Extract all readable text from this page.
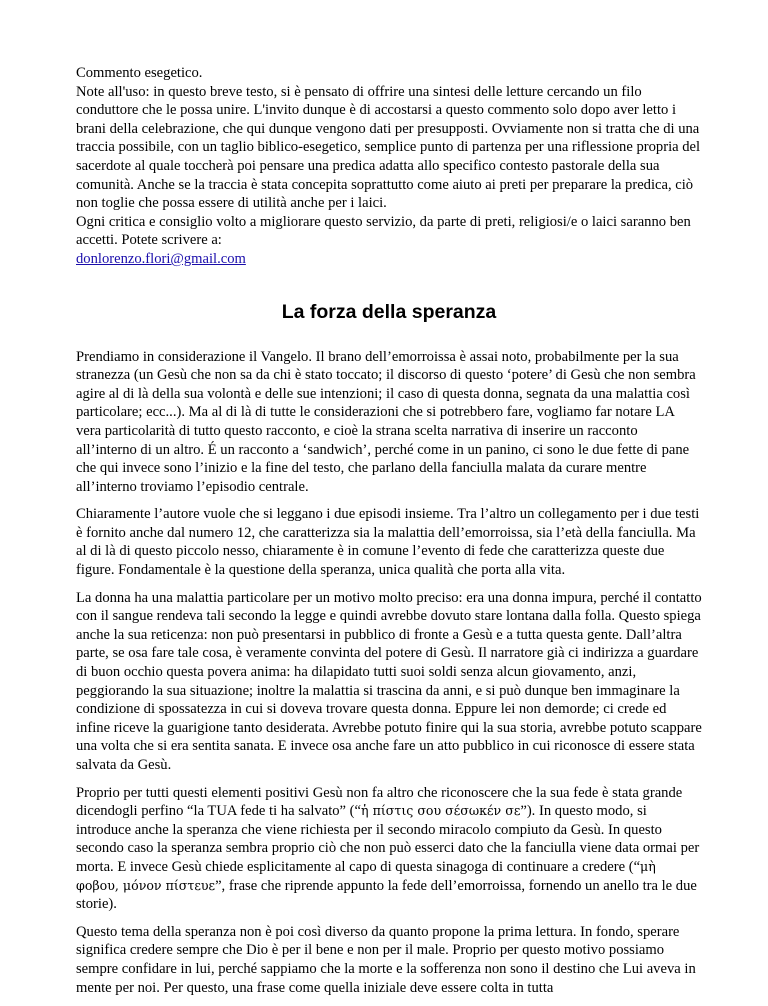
Commento esegetico.

Note all'uso: in questo breve testo, si è pensato di offrire una sintesi delle letture cercando un filo conduttore che le possa unire. L'invito dunque è di accostarsi a questo commento solo dopo aver letto i brani della celebrazione, che qui dunque vengono dati per presupposti. Ovviamente non si tratta che di una traccia possibile, con un taglio biblico-esegetico, semplice punto di partenza per una riflessione propria del sacerdote al quale toccherà poi pensare una predica adatta allo specifico contesto pastorale della sua comunità. Anche se la traccia è stata concepita soprattutto come aiuto ai preti per preparare la predica, ciò non toglie che possa essere di utilità anche per i laici.

Ogni critica e consiglio volto a migliorare questo servizio, da parte di preti, religiosi/e o laici saranno ben accetti. Potete scrivere a:

donlorenzo.flori@gmail.com

La forza della speranza

Prendiamo in considerazione il Vangelo. Il brano dell’emorroissa è assai noto, probabilmente per la sua stranezza (un Gesù che non sa da chi è stato toccato; il discorso di questo ‘potere’ di Gesù che non sembra agire al di là della sua volontà e delle sue intenzioni; il caso di questa donna, segnata da una malattia così particolare; ecc...). Ma al di là di tutte le considerazioni che si potrebbero fare, vogliamo far notare LA vera particolarità di tutto questo racconto, e cioè la strana scelta narrativa di inserire un racconto all’interno di un altro. É un racconto a ‘sandwich’, perché come in un panino, ci sono le due fette di pane che qui invece sono l’inizio e la fine del testo, che parlano della fanciulla malata da curare mentre all’interno troviamo l’episodio centrale.

Chiaramente l’autore vuole che si leggano i due episodi insieme. Tra l’altro un collegamento per i due testi è fornito anche dal numero 12, che caratterizza sia la malattia dell’emorroissa, sia l’età della fanciulla. Ma al di là di questo piccolo nesso, chiaramente è in comune l’evento di fede che caratterizza queste due figure. Fondamentale è la questione della speranza, unica qualità che porta alla vita.

La donna ha una malattia particolare per un motivo molto preciso: era una donna impura, perché il contatto con il sangue rendeva tali secondo la legge e quindi avrebbe dovuto stare lontana dalla folla. Questo spiega anche la sua reticenza: non può presentarsi in pubblico di fronte a Gesù e a tutta questa gente. Dall’altra parte, se osa fare tale cosa, è veramente convinta del potere di Gesù. Il narratore già ci indirizza a guardare di buon occhio questa povera anima: ha dilapidato tutti suoi soldi senza alcun giovamento, anzi, peggiorando la sua situazione; inoltre la malattia si trascina da anni, e si può dunque ben immaginare la condizione di spossatezza in cui si doveva trovare questa donna. Eppure lei non demorde; ci crede ed infine riceve la guarigione tanto desiderata. Avrebbe potuto finire qui la sua storia, avrebbe potuto scappare una volta che si era sentita sanata. E invece osa anche fare un atto pubblico in cui riconosce di essere stata salvata da Gesù.

Proprio per tutti questi elementi positivi Gesù non fa altro che riconoscere che la sua fede è stata grande dicendogli perfino “la TUA fede ti ha salvato” (“ἡ πίστις σου σέσωκέν σε”). In questo modo, si introduce anche la speranza che viene richiesta per il secondo miracolo compiuto da Gesù. In questo secondo caso la speranza sembra proprio ciò che non può esserci dato che la fanciulla viene data ormai per morta. E invece Gesù chiede esplicitamente al capo di questa sinagoga di continuare a credere (“μὴ φοβου, μόνον πίστευε”, frase che riprende appunto la fede dell’emorroissa, fornendo un anello tra le due storie).

Questo tema della speranza non è poi così diverso da quanto propone la prima lettura. In fondo, sperare significa credere sempre che Dio è per il bene e non per il male. Proprio per questo motivo possiamo sempre confidare in lui, perché sappiamo che la morte e la sofferenza non sono il destino che Lui aveva in mente per noi. Per questo, una frase come quella iniziale deve essere colta in tutta
